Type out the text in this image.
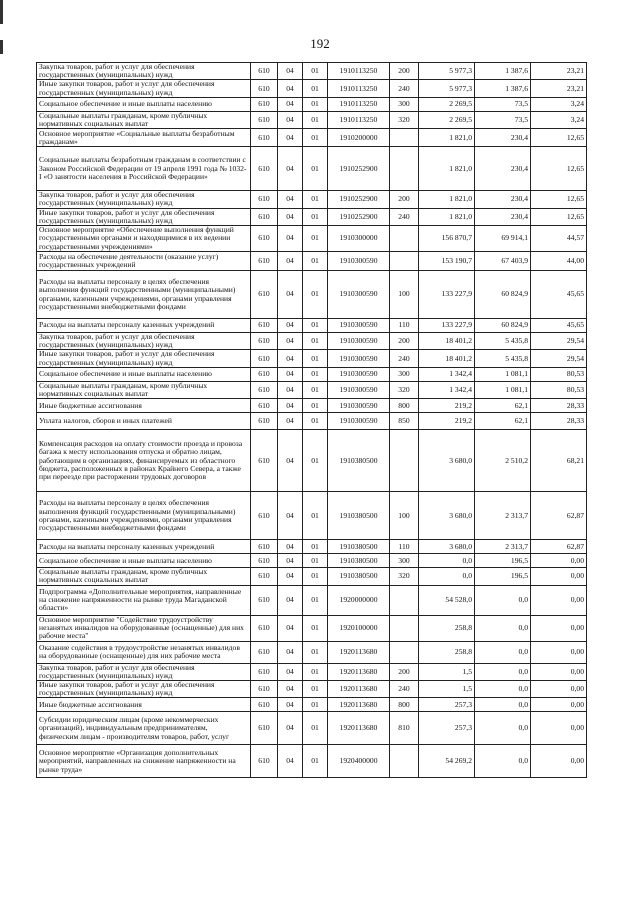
192
Закупка товаров, работ и услуг для обеспечения государственных (муниципальных) нужд	610	04	01	1910113250	200	5 977,3	1 387,6	23,21
Иные закупки товаров, работ и услуг для обеспечения государственных (муниципальных) нужд	610	04	01	1910113250	240	5 977,3	1 387,6	23,21
Социальное обеспечение и иные выплаты населению	610	04	01	1910113250	300	2 269,5	73,5	3,24
Социальные выплаты гражданам, кроме публичных нормативных социальных выплат	610	04	01	1910113250	320	2 269,5	73,5	3,24
Основное мероприятие «Социальные выплаты безработным гражданам»	610	04	01	1910200000		1 821,0	230,4	12,65
Социальные выплаты безработным гражданам в соответствии с Законом Российской Федерации от 19 апреля 1991 года № 1032-I «О занятости населения в Российской Федерации»	610	04	01	1910252900		1 821,0	230,4	12,65
Закупка товаров, работ и услуг для обеспечения государственных (муниципальных) нужд	610	04	01	1910252900	200	1 821,0	230,4	12,65
Иные закупки товаров, работ и услуг для обеспечения государственных (муниципальных) нужд	610	04	01	1910252900	240	1 821,0	230,4	12,65
Основное мероприятие «Обеспечение выполнения функций государственными органами и находящимися в их ведении государственными учреждениями»	610	04	01	1910300000		156 870,7	69 914,1	44,57
Расходы на обеспечение деятельности (оказание услуг) государственных учреждений	610	04	01	1910300590		153 190,7	67 403,9	44,00
Расходы на выплаты персоналу в целях обеспечения выполнения функций государственными (муниципальными) органами, казенными учреждениями, органами управления государственными внебюджетными фондами	610	04	01	1910300590	100	133 227,9	60 824,9	45,65
Расходы на выплаты персоналу казенных учреждений	610	04	01	1910300590	110	133 227,9	60 824,9	45,65
Закупка товаров, работ и услуг для обеспечения государственных (муниципальных) нужд	610	04	01	1910300590	200	18 401,2	5 435,8	29,54
Иные закупки товаров, работ и услуг для обеспечения государственных (муниципальных) нужд	610	04	01	1910300590	240	18 401,2	5 435,8	29,54
Социальное обеспечение и иные выплаты населению	610	04	01	1910300590	300	1 342,4	1 081,1	80,53
Социальные выплаты гражданам, кроме публичных нормативных социальных выплат	610	04	01	1910300590	320	1 342,4	1 081,1	80,53
Иные бюджетные ассигнования	610	04	01	1910300590	800	219,2	62,1	28,33
Уплата налогов, сборов и иных платежей	610	04	01	1910300590	850	219,2	62,1	28,33
Компенсация расходов на оплату стоимости проезда и провоза багажа к месту использования отпуска и обратно лицам, работающим в организациях, финансируемых из областного бюджета, расположенных в районах Крайнего Севера, а также при переезде при расторжении трудовых договоров	610	04	01	1910380500		3 680,0	2 510,2	68,21
Расходы на выплаты персоналу в целях обеспечения выполнения функций государственными (муниципальными) органами, казенными учреждениями, органами управления государственными внебюджетными фондами	610	04	01	1910380500	100	3 680,0	2 313,7	62,87
Расходы на выплаты персоналу казенных учреждений	610	04	01	1910380500	110	3 680,0	2 313,7	62,87
Социальное обеспечение и иные выплаты населению	610	04	01	1910380500	300	0,0	196,5	0,00
Социальные выплаты гражданам, кроме публичных нормативных социальных выплат	610	04	01	1910380500	320	0,0	196,5	0,00
Подпрограмма «Дополнительные мероприятия, направленные на снижение напряженности на рынке труда Магаданской области»	610	04	01	1920000000		54 528,0	0,0	0,00
Основное мероприятие "Содействие трудоустройству незанятых инвалидов на оборудованные (оснащенные) для них рабочие места"	610	04	01	1920100000		258,8	0,0	0,00
Оказание содействия в трудоустройстве незанятых инвалидов на оборудованные (оснащенные) для них рабочие места	610	04	01	1920113680		258,8	0,0	0,00
Закупка товаров, работ и услуг для обеспечения государственных (муниципальных) нужд	610	04	01	1920113680	200	1,5	0,0	0,00
Иные закупки товаров, работ и услуг для обеспечения государственных (муниципальных) нужд	610	04	01	1920113680	240	1,5	0,0	0,00
Иные бюджетные ассигнования	610	04	01	1920113680	800	257,3	0,0	0,00
Субсидии юридическим лицам (кроме некоммерческих организаций), индивидуальным предпринимателям, физическим лицам - производителям товаров, работ, услуг	610	04	01	1920113680	810	257,3	0,0	0,00
Основное мероприятие «Организация дополнительных мероприятий, направленных на снижение напряженности на рынке труда»	610	04	01	1920400000		54 269,2	0,0	0,00
